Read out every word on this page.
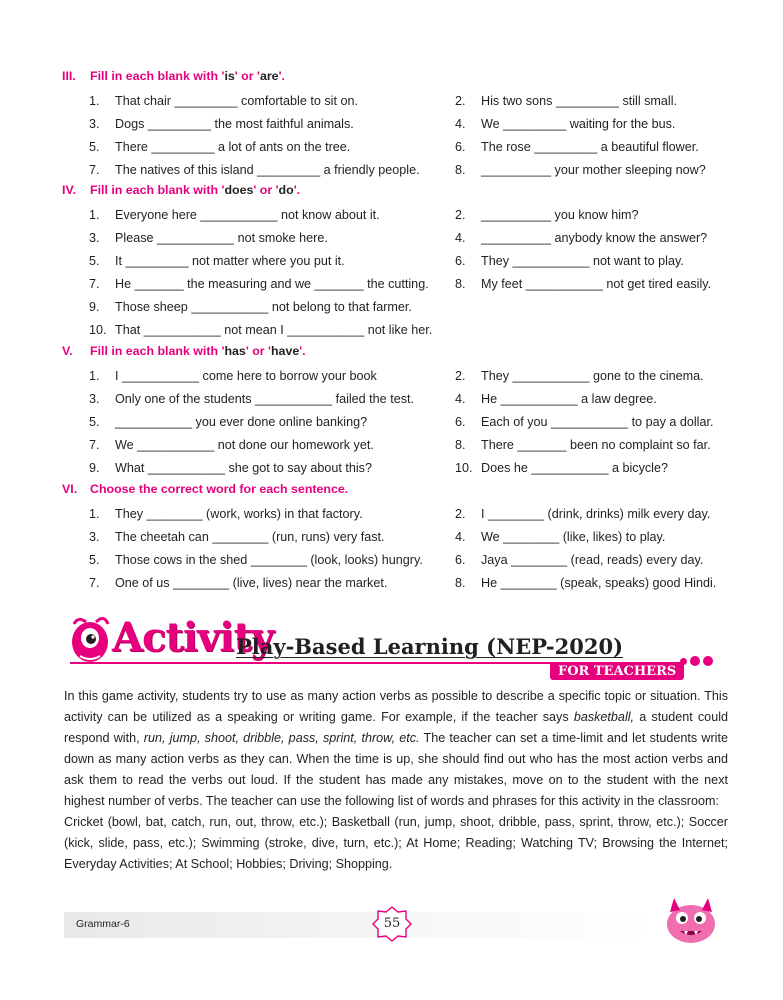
III. Fill in each blank with 'is' or 'are'.
1. That chair _________ comfortable to sit on.
3. Dogs _________ the most faithful animals.
5. There _________ a lot of ants on the tree.
7. The natives of this island _________ a friendly people.
2. His two sons _________ still small.
4. We _________ waiting for the bus.
6. The rose _________ a beautiful flower.
8. __________ your mother sleeping now?
IV. Fill in each blank with 'does' or 'do'.
1. Everyone here ___________ not know about it.
3. Please ___________ not smoke here.
5. It _________ not matter where you put it.
7. He _______ the measuring and we _______ the cutting.
9. Those sheep ___________ not belong to that farmer.
10. That ___________ not mean I ___________ not like her.
2. __________ you know him?
4. __________ anybody know the answer?
6. They ___________ not want to play.
8. My feet ___________ not get tired easily.
V. Fill in each blank with 'has' or 'have'.
1. I ___________ come here to borrow your book
3. Only one of the students ___________ failed the test.
5. ___________ you ever done online banking?
7. We ___________ not done our homework yet.
9. What ___________ she got to say about this?
2. They ___________ gone to the cinema.
4. He ___________ a law degree.
6. Each of you ___________ to pay a dollar.
8. There _______ been no complaint so far.
10. Does he ___________ a bicycle?
VI. Choose the correct word for each sentence.
1. They ________ (work, works) in that factory.
3. The cheetah can ________ (run, runs) very fast.
5. Those cows in the shed ________ (look, looks) hungry.
7. One of us ________ (live, lives) near the market.
2. I ________ (drink, drinks) milk every day.
4. We ________ (like, likes) to play.
6. Jaya ________ (read, reads) every day.
8. He ________ (speak, speaks) good Hindi.
Activity
Play-Based Learning (NEP-2020)
FOR TEACHERS

In this game activity, students try to use as many action verbs as possible to describe a specific topic or situation. This activity can be utilized as a speaking or writing game. For example, if the teacher says basketball, a student could respond with, run, jump, shoot, dribble, pass, sprint, throw, etc. The teacher can set a time-limit and let students write down as many action verbs as they can. When the time is up, she should find out who has the most action verbs and ask them to read the verbs out loud. If the student has made any mistakes, move on to the student with the next highest number of verbs. The teacher can use the following list of words and phrases for this activity in the classroom:

Cricket (bowl, bat, catch, run, out, throw, etc.); Basketball (run, jump, shoot, dribble, pass, sprint, throw, etc.); Soccer (kick, slide, pass, etc.); Swimming (stroke, dive, turn, etc.); At Home; Reading; Watching TV; Browsing the Internet; Everyday Activities; At School; Hobbies; Driving; Shopping.

Grammar-6	55
